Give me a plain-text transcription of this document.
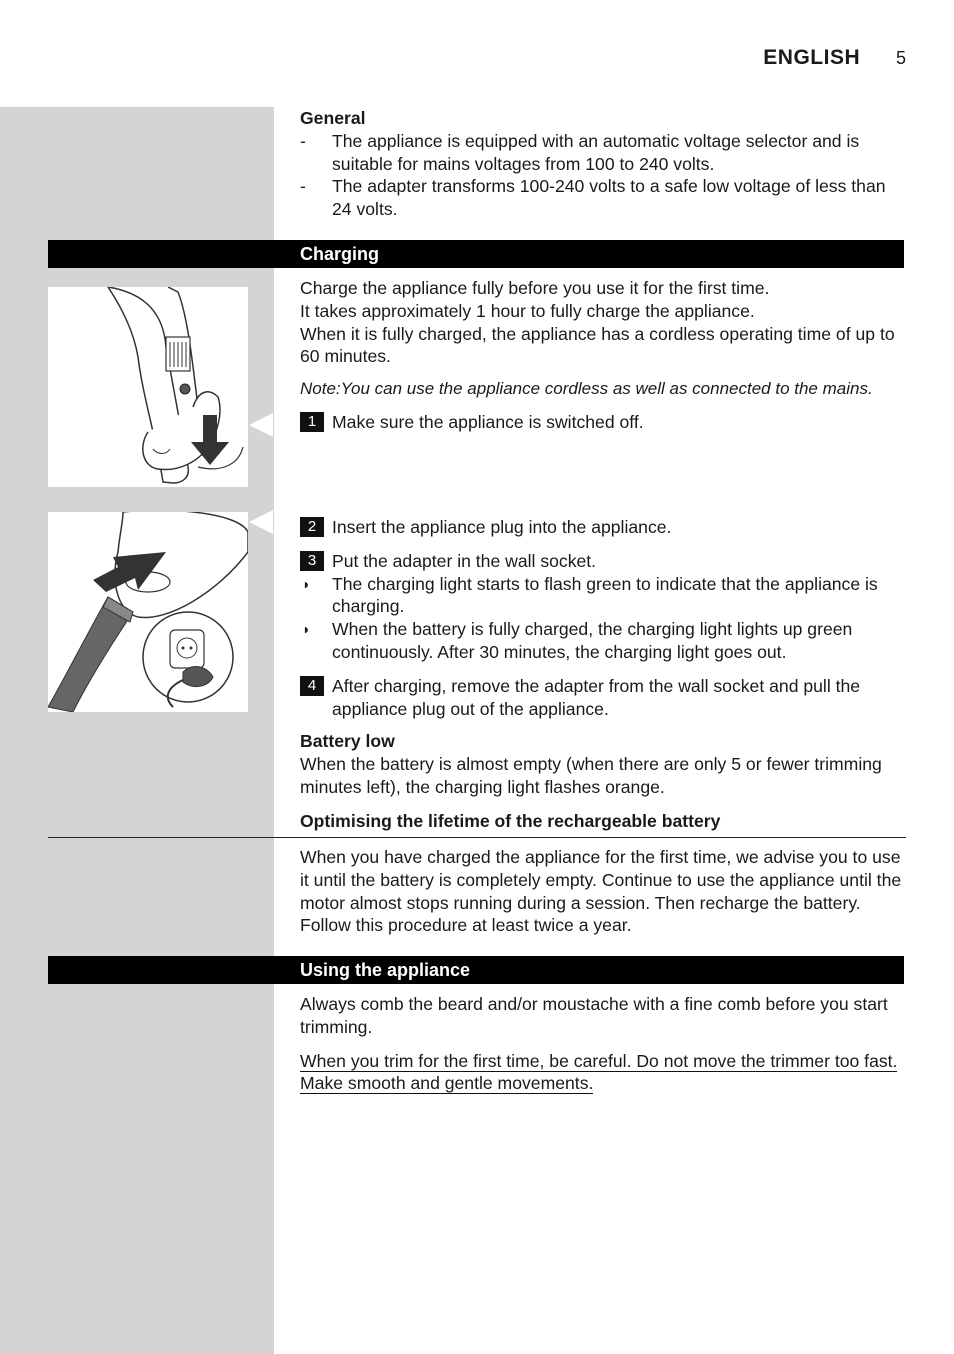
ENGLISH 5
General
- The appliance is equipped with an automatic voltage selector and is suitable for mains voltages from 100 to 240 volts.
- The adapter transforms 100-240 volts to a safe low voltage of less than 24 volts.
Charging
Charge the appliance fully before you use it for the first time.
It takes approximately 1 hour to fully charge the appliance.
When it is fully charged, the appliance has a cordless operating time of up to 60 minutes.
Note:You can use the appliance cordless as well as connected to the mains.
1 Make sure the appliance is switched off.
2 Insert the appliance plug into the appliance.
3 Put the adapter in the wall socket.
◗ The charging light starts to flash green to indicate that the appliance is charging.
◗ When the battery is fully charged, the charging light lights up green continuously. After 30 minutes, the charging light goes out.
4 After charging, remove the adapter from the wall socket and pull the appliance plug out of the appliance.
Battery low
When the battery is almost empty (when there are only 5 or fewer trimming minutes left), the charging light flashes orange.
Optimising the lifetime of the rechargeable battery
When you have charged the appliance for the first time, we advise you to use it until the battery is completely empty. Continue to use the appliance until the motor almost stops running during a session. Then recharge the battery. Follow this procedure at least twice a year.
Using the appliance
Always comb the beard and/or moustache with a fine comb before you start trimming.
When you trim for the first time, be careful. Do not move the trimmer too fast. Make smooth and gentle movements.
